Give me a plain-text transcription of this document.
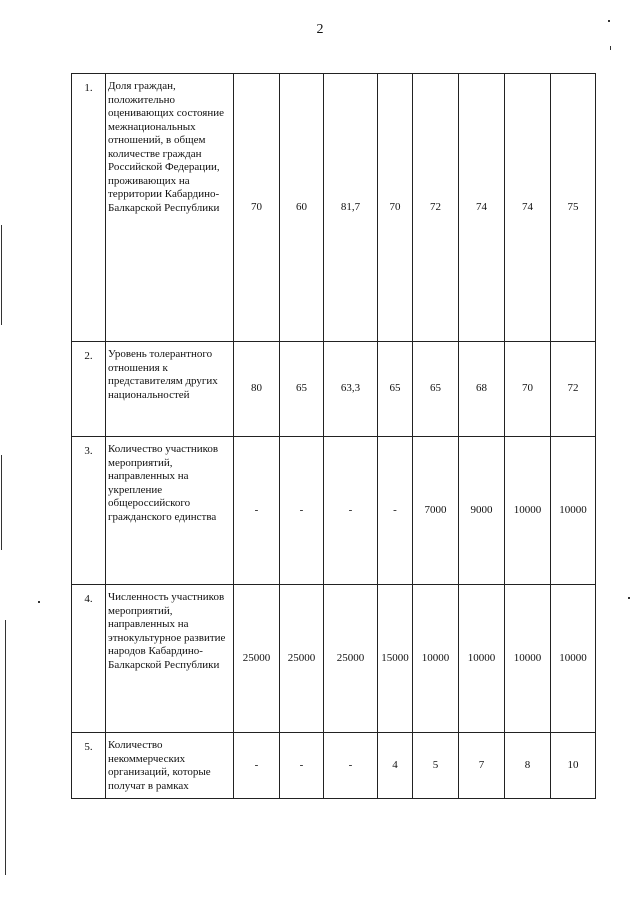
2
1.	Доля граждан, положительно оценивающих состояние межнациональных отношений, в общем количестве граждан Российской Федерации, проживающих на территории Кабардино-Балкарской Республики	70	60	81,7	70	72	74	74	75
2.	Уровень толерантного отношения к представителям других национальностей	80	65	63,3	65	65	68	70	72
3.	Количество участников мероприятий, направленных на укрепление общероссийского гражданского единства	-	-	-	-	7000	9000	10000	10000
4.	Численность участников мероприятий, направленных на этнокультурное развитие народов Кабардино-Балкарской Республики	25000	25000	25000	15000	10000	10000	10000	10000
5.	Количество некоммерческих организаций, которые получат в рамках	-	-	-	4	5	7	8	10
